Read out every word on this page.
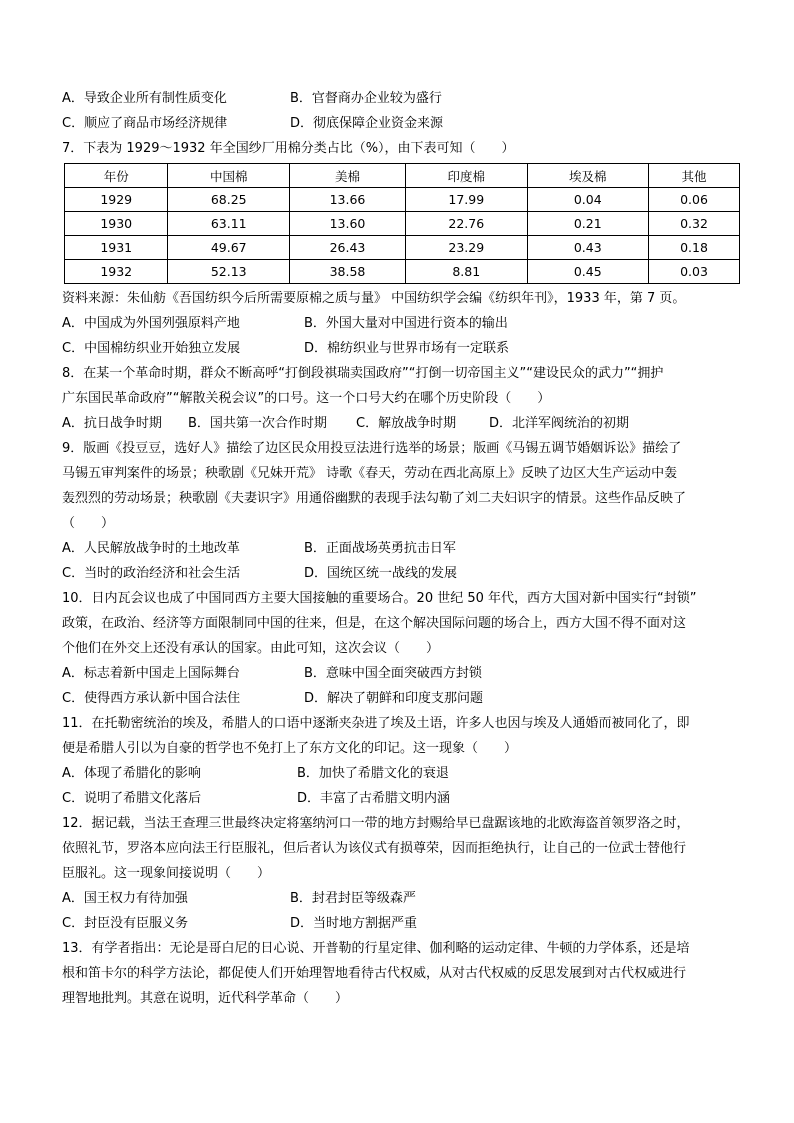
A．导致企业所有制性质变化	B．官督商办企业较为盛行
C．顺应了商品市场经济规律	D．彻底保障企业资金来源
7．下表为 1929～1932 年全国纱厂用棉分类占比（%），由下表可知（　　）
年份	中国棉	美棉	印度棉	埃及棉	其他
1929	68.25	13.66	17.99	0.04	0.06
1930	63.11	13.60	22.76	0.21	0.32
1931	49.67	26.43	23.29	0.43	0.18
1932	52.13	38.58	8.81	0.45	0.03
资料来源：朱仙舫《吾国纺织今后所需要原棉之质与量》 中国纺织学会编《纺织年刊》，1933 年，第 7 页。
A．中国成为外国列强原料产地	B．外国大量对中国进行资本的输出
C．中国棉纺织业开始独立发展	D．棉纺织业与世界市场有一定联系
8．在某一个革命时期，群众不断高呼“打倒段祺瑞卖国政府”“打倒一切帝国主义”“建设民众的武力”“拥护
广东国民革命政府”“解散关税会议”的口号。这一个口号大约在哪个历史阶段（　　）
A．抗日战争时期	B．国共第一次合作时期	C．解放战争时期	D．北洋军阀统治的初期
9．版画《投豆豆，选好人》描绘了边区民众用投豆法进行选举的场景；版画《马锡五调节婚姻诉讼》描绘了
马锡五审判案件的场景；秧歌剧《兄妹开荒》 诗歌《春天，劳动在西北高原上》反映了边区大生产运动中轰
轰烈烈的劳动场景；秧歌剧《夫妻识字》用通俗幽默的表现手法勾勒了刘二夫妇识字的情景。这些作品反映了
（　　）
A．人民解放战争时的土地改革	B．正面战场英勇抗击日军
C．当时的政治经济和社会生活	D．国统区统一战线的发展
10．日内瓦会议也成了中国同西方主要大国接触的重要场合。20 世纪 50 年代，西方大国对新中国实行“封锁”
政策，在政治、经济等方面限制同中国的往来，但是，在这个解决国际问题的场合上，西方大国不得不面对这
个他们在外交上还没有承认的国家。由此可知，这次会议（　　）
A．标志着新中国走上国际舞台	B．意味中国全面突破西方封锁
C．使得西方承认新中国合法住	D．解决了朝鲜和印度支那问题
11．在托勒密统治的埃及，希腊人的口语中逐渐夹杂进了埃及土语，许多人也因与埃及人通婚而被同化了，即
便是希腊人引以为自豪的哲学也不免打上了东方文化的印记。这一现象（　　）
A．体现了希腊化的影响	B．加快了希腊文化的衰退
C．说明了希腊文化落后	D．丰富了古希腊文明内涵
12．据记载，当法王查理三世最终决定将塞纳河口一带的地方封赐给早已盘踞该地的北欧海盗首领罗洛之时，
依照礼节，罗洛本应向法王行臣服礼，但后者认为该仪式有损尊荣，因而拒绝执行，让自己的一位武士替他行
臣服礼。这一现象间接说明（　　）
A．国王权力有待加强	B．封君封臣等级森严
C．封臣没有臣服义务	D．当时地方割据严重
13．有学者指出：无论是哥白尼的日心说、开普勒的行星定律、伽利略的运动定律、牛顿的力学体系，还是培
根和笛卡尔的科学方法论，都促使人们开始理智地看待古代权威，从对古代权威的反思发展到对古代权威进行
理智地批判。其意在说明，近代科学革命（　　）
